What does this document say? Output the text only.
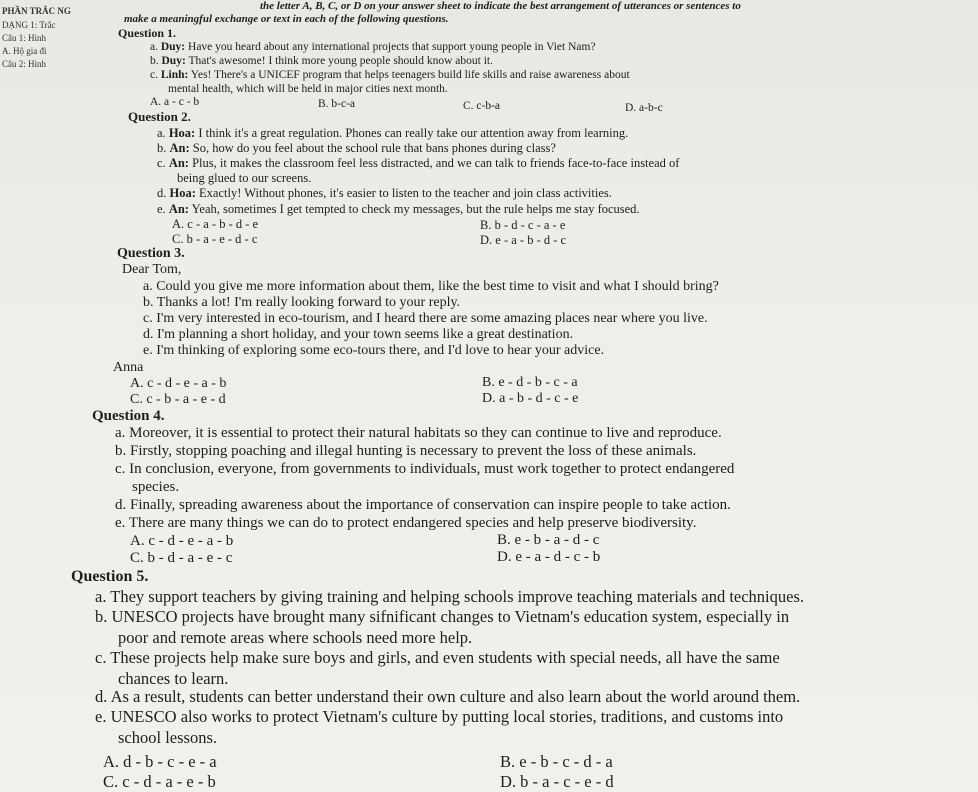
PHẦN TRẮC NG
DẠNG 1: Trắc
Câu 1: Hình
A. Hộ gia đì
Câu 2: Hình
the letter A, B, C, or D on your answer sheet to indicate the best arrangement of utterances or sentences to
make a meaningful exchange or text in each of the following questions.
Question 1.
a. Duy: Have you heard about any international projects that support young people in Viet Nam?
b. Duy: That's awesome! I think more young people should know about it.
c. Linh: Yes! There's a UNICEF program that helps teenagers build life skills and raise awareness about
mental health, which will be held in major cities next month.
A. a - c - b	B. b-c-a	C. c-b-a	D. a-b-c
Question 2.
a. Hoa: I think it's a great regulation. Phones can really take our attention away from learning.
b. An: So, how do you feel about the school rule that bans phones during class?
c. An: Plus, it makes the classroom feel less distracted, and we can talk to friends face-to-face instead of
being glued to our screens.
d. Hoa: Exactly! Without phones, it's easier to listen to the teacher and join class activities.
e. An: Yeah, sometimes I get tempted to check my messages, but the rule helps me stay focused.
A. c - a - b - d - e	B. b - d - c - a - e
C. b - a - e - d - c	D. e - a - b - d - c
Question 3.
Dear Tom,
a. Could you give me more information about them, like the best time to visit and what I should bring?
b. Thanks a lot! I'm really looking forward to your reply.
c. I'm very interested in eco-tourism, and I heard there are some amazing places near where you live.
d. I'm planning a short holiday, and your town seems like a great destination.
e. I'm thinking of exploring some eco-tours there, and I'd love to hear your advice.
Anna
A. c - d - e - a - b	B. e - d - b - c - a
C. c - b - a - e - d	D. a - b - d - c - e
Question 4.
a. Moreover, it is essential to protect their natural habitats so they can continue to live and reproduce.
b. Firstly, stopping poaching and illegal hunting is necessary to prevent the loss of these animals.
c. In conclusion, everyone, from governments to individuals, must work together to protect endangered
species.
d. Finally, spreading awareness about the importance of conservation can inspire people to take action.
e. There are many things we can do to protect endangered species and help preserve biodiversity.
A. c - d - e - a - b	B. e - b - a - d - c
C. b - d - a - e - c	D. e - a - d - c - b
Question 5.
a. They support teachers by giving training and helping schools improve teaching materials and techniques.
b. UNESCO projects have brought many sifnificant changes to Vietnam's education system, especially in
poor and remote areas where schools need more help.
c. These projects help make sure boys and girls, and even students with special needs, all have the same
chances to learn.
d. As a result, students can better understand their own culture and also learn about the world around them.
e. UNESCO also works to protect Vietnam's culture by putting local stories, traditions, and customs into
school lessons.
A. d - b - c - e - a	B. e - b - c - d - a
C. c - d - a - e - b	D. b - a - c - e - d
